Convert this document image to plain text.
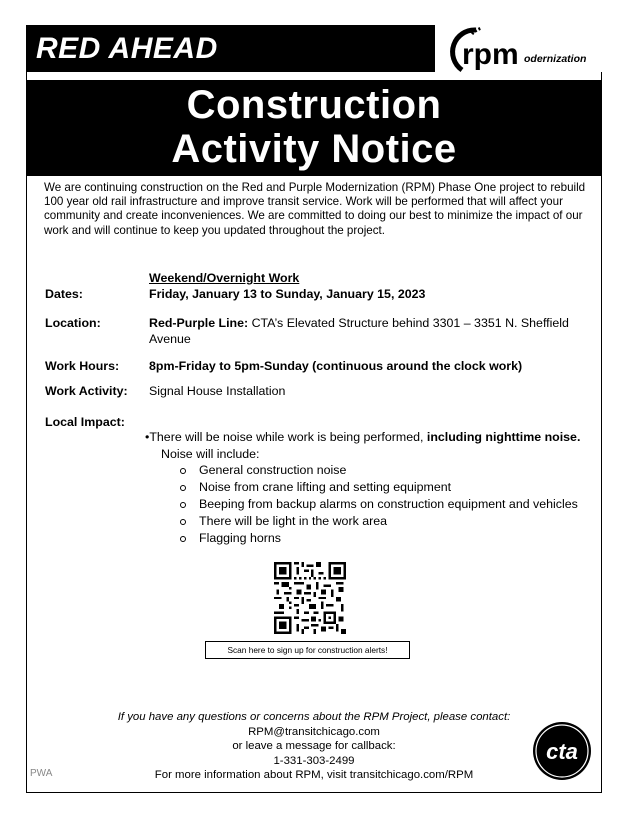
RED AHEAD	rpm odernization
Construction
Activity Notice
We are continuing construction on the Red and Purple Modernization (RPM) Phase One project to rebuild 100 year old rail infrastructure and improve transit service. Work will be performed that will affect your community and create inconveniences. We are committed to doing our best to minimize the impact of our work and will continue to keep you updated throughout the project.
Weekend/Overnight Work
Dates:	Friday, January 13 to Sunday, January 15, 2023
Location:	Red-Purple Line: CTA’s Elevated Structure behind 3301 – 3351 N. Sheffield Avenue
Work Hours: 8pm-Friday to 5pm-Sunday (continuous around the clock work)
Work Activity: Signal House Installation
Local Impact:
•There will be noise while work is being performed, including nighttime noise.
Noise will include:
General construction noise
Noise from crane lifting and setting equipment
Beeping from backup alarms on construction equipment and vehicles
There will be light in the work area
Flagging horns
Scan here to sign up for construction alerts!
If you have any questions or concerns about the RPM Project, please contact:
RPM@transitchicago.com
or leave a message for callback:
1-331-303-2499
For more information about RPM, visit transitchicago.com/RPM
PWA
cta
